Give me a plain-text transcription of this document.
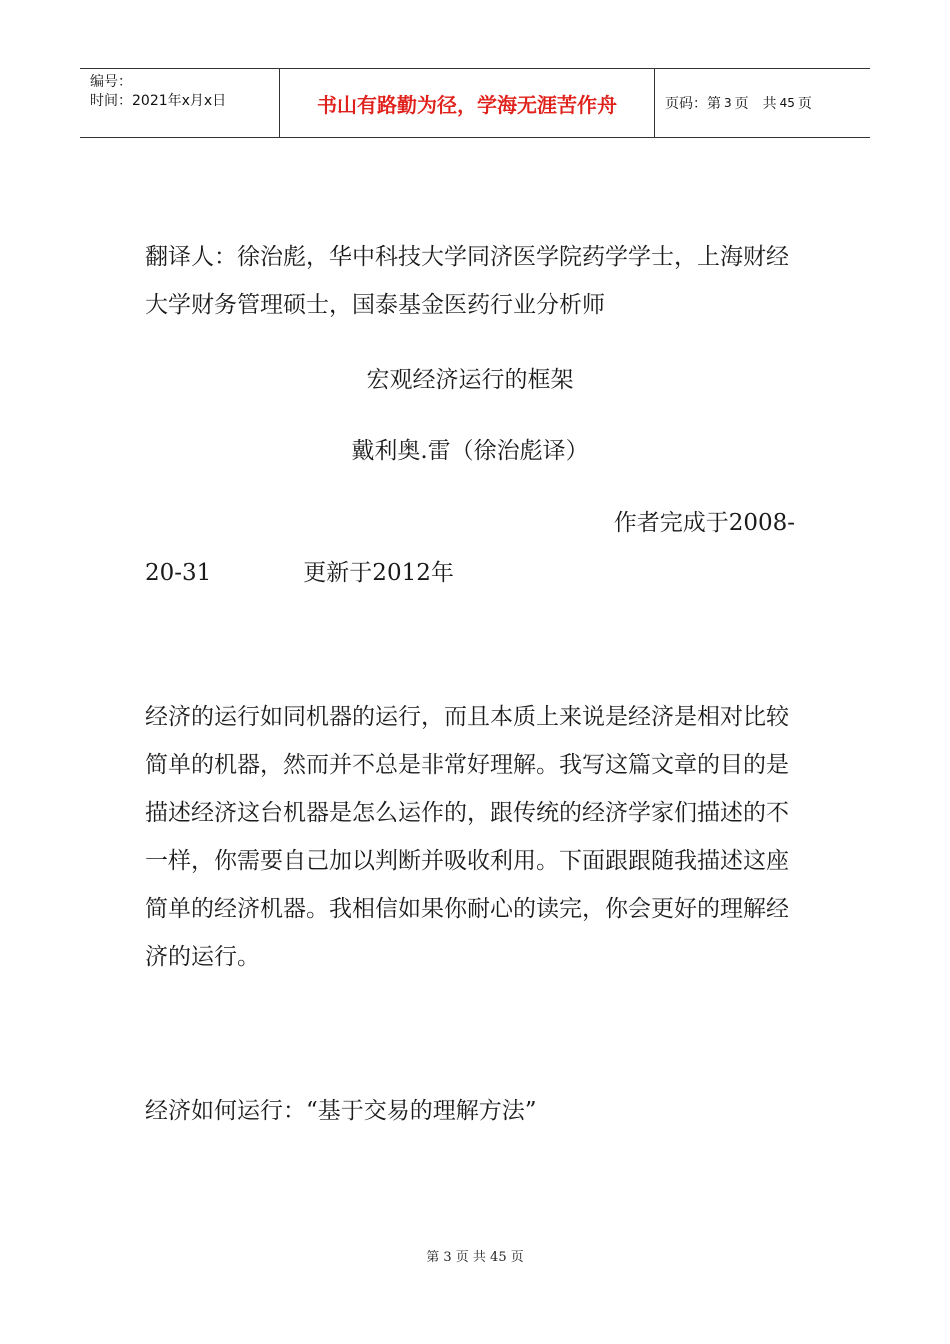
编号：
时间：2021年x月x日	书山有路勤为径，学海无涯苦作舟	页码：第 3 页　共 45 页

翻译人：徐治彪，华中科技大学同济医学院药学学士，上海财经大学财务管理硕士，国泰基金医药行业分析师

宏观经济运行的框架

戴利奥.雷（徐治彪译）

作者完成于2008-

20-31　　　　更新于2012年

经济的运行如同机器的运行，而且本质上来说是经济是相对比较简单的机器，然而并不总是非常好理解。我写这篇文章的目的是描述经济这台机器是怎么运作的，跟传统的经济学家们描述的不一样，你需要自己加以判断并吸收利用。下面跟跟随我描述这座简单的经济机器。我相信如果你耐心的读完，你会更好的理解经济的运行。

经济如何运行：“基于交易的理解方法”

第 3 页 共 45 页
